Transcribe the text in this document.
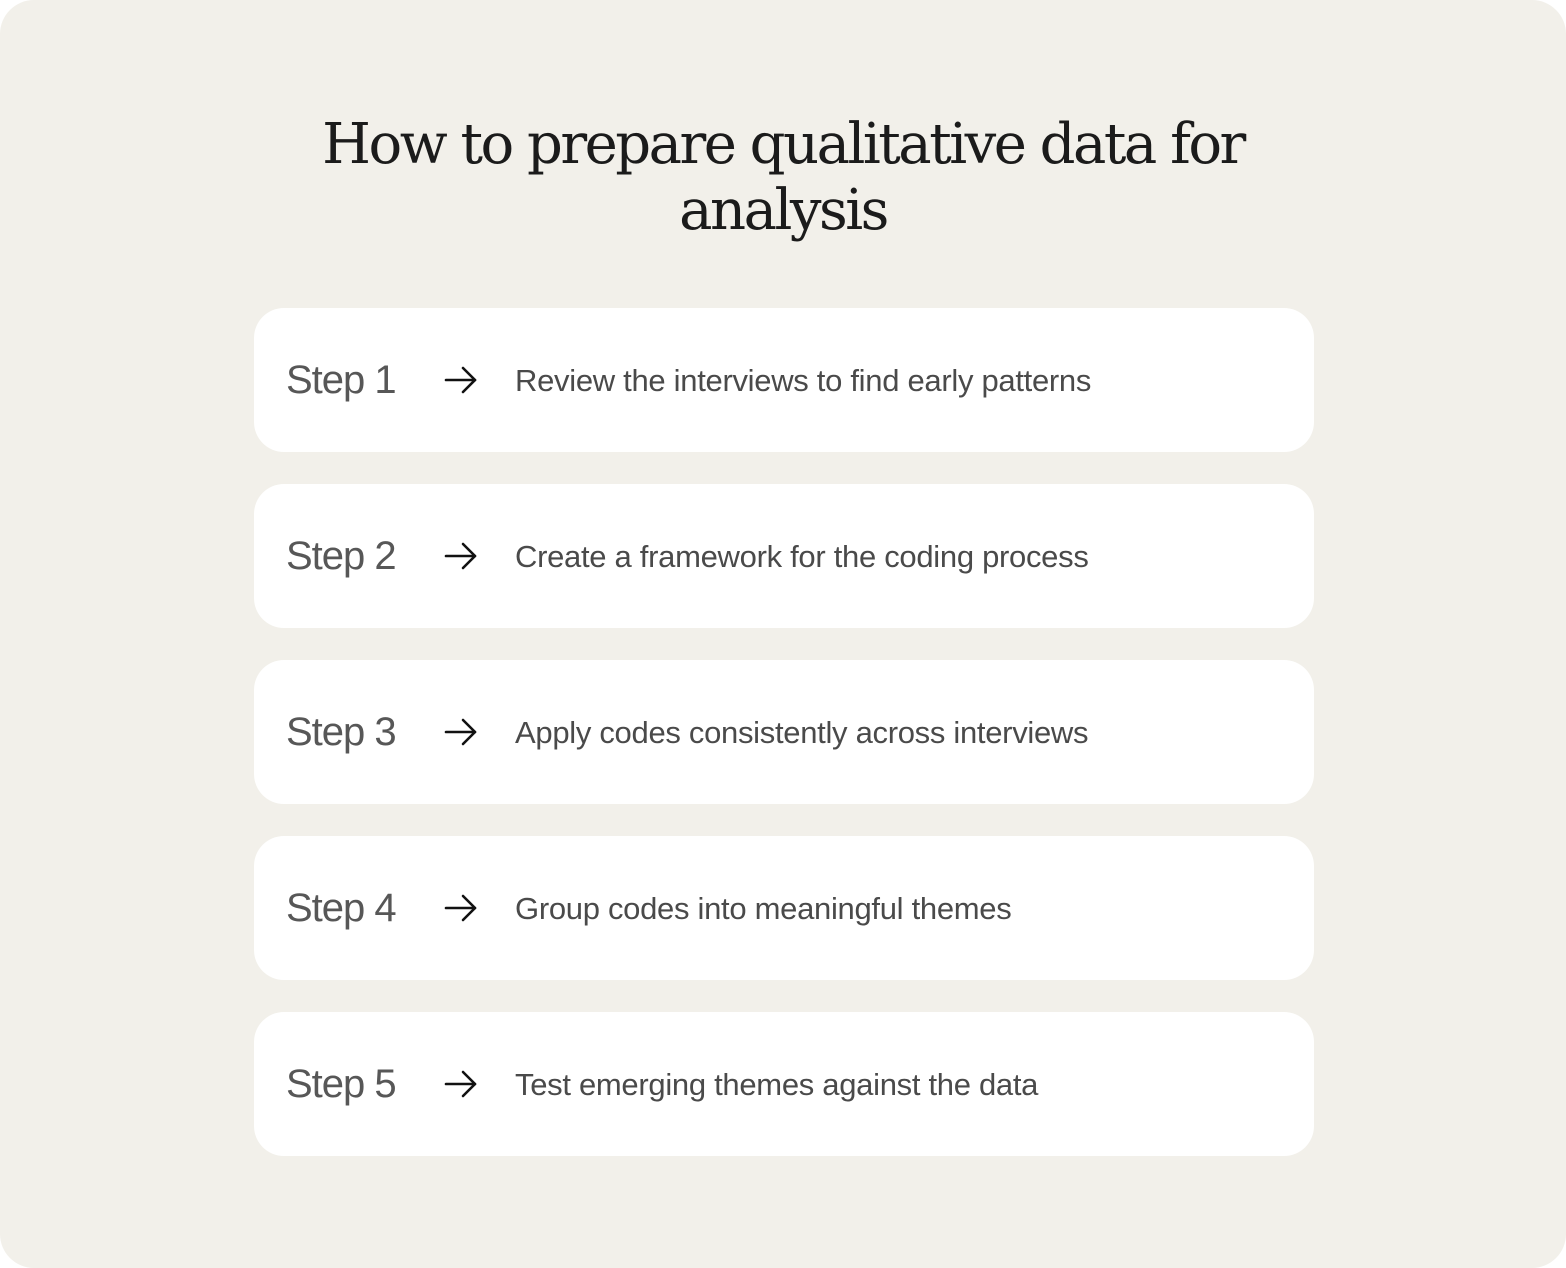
How to prepare qualitative data for analysis
Step 1	Review the interviews to find early patterns
Step 2	Create a framework for the coding process
Step 3	Apply codes consistently across interviews
Step 4	Group codes into meaningful themes
Step 5	Test emerging themes against the data
